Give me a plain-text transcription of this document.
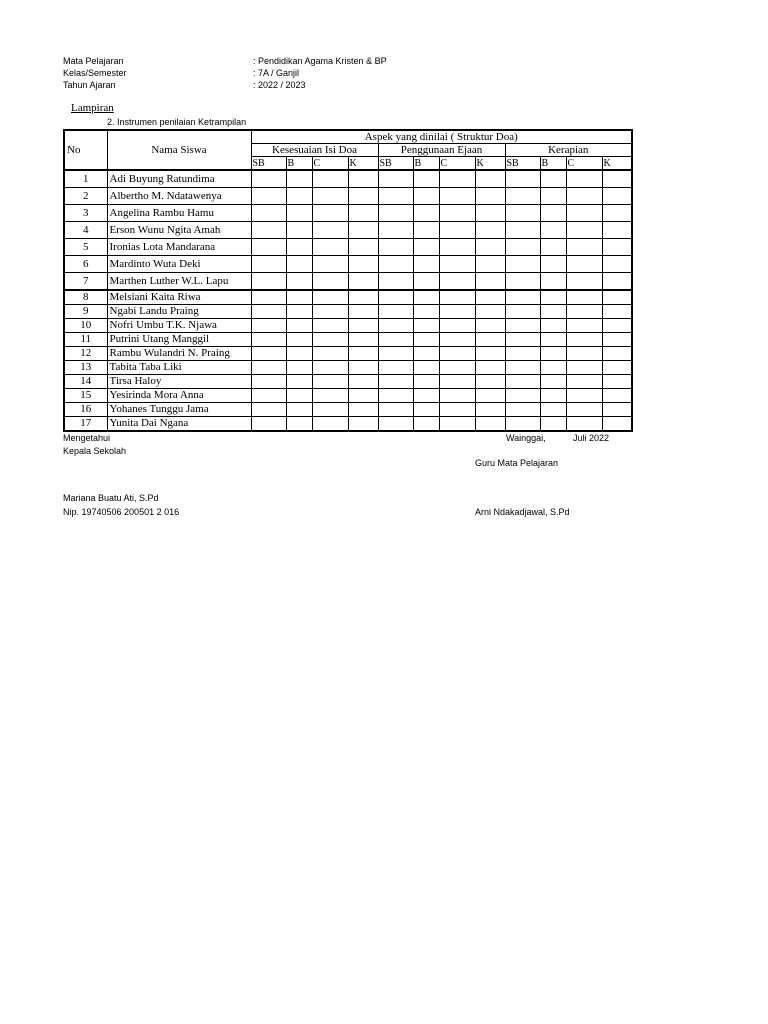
Mata Pelajaran	: Pendidikan Agama Kristen & BP
Kelas/Semester	: 7A / Ganjil
Tahun Ajaran	: 2022 / 2023
Lampiran
2. Instrumen penilaian Ketrampilan
No	Nama Siswa	Aspek yang dinilai ( Struktur Doa)											
		Kesesuaian Isi Doa				Penggunaan Ejaan				Kerapian			
		SB	B	C	K	SB	B	C	K	SB	B	C	K
1	Adi Buyung Ratundima												
2	Albertho M. Ndatawenya												
3	Angelina Rambu Hamu												
4	Erson Wunu Ngita Amah												
5	Ironias Lota Mandarana												
6	Mardinto Wuta Deki												
7	Marthen Luther W.L. Lapu												
8	Melsiani Kaita Riwa												
9	Ngabi Landu Praing												
10	Nofri Umbu T.K. Njawa												
11	Putrini Utang Manggil												
12	Rambu Wulandri N. Praing												
13	Tabita Taba Liki												
14	Tirsa Haloy												
15	Yesirinda Mora Anna												
16	Yohanes Tunggu Jama												
17	Yunita Dai Ngana												
Mengetahui
Kepala Sekolah
Mariana Buatu Ati, S.Pd
Nip. 19740506 200501 2 016
Wainggai,	Juli 2022
Guru Mata Pelajaran
Arni Ndakadjawal, S.Pd
